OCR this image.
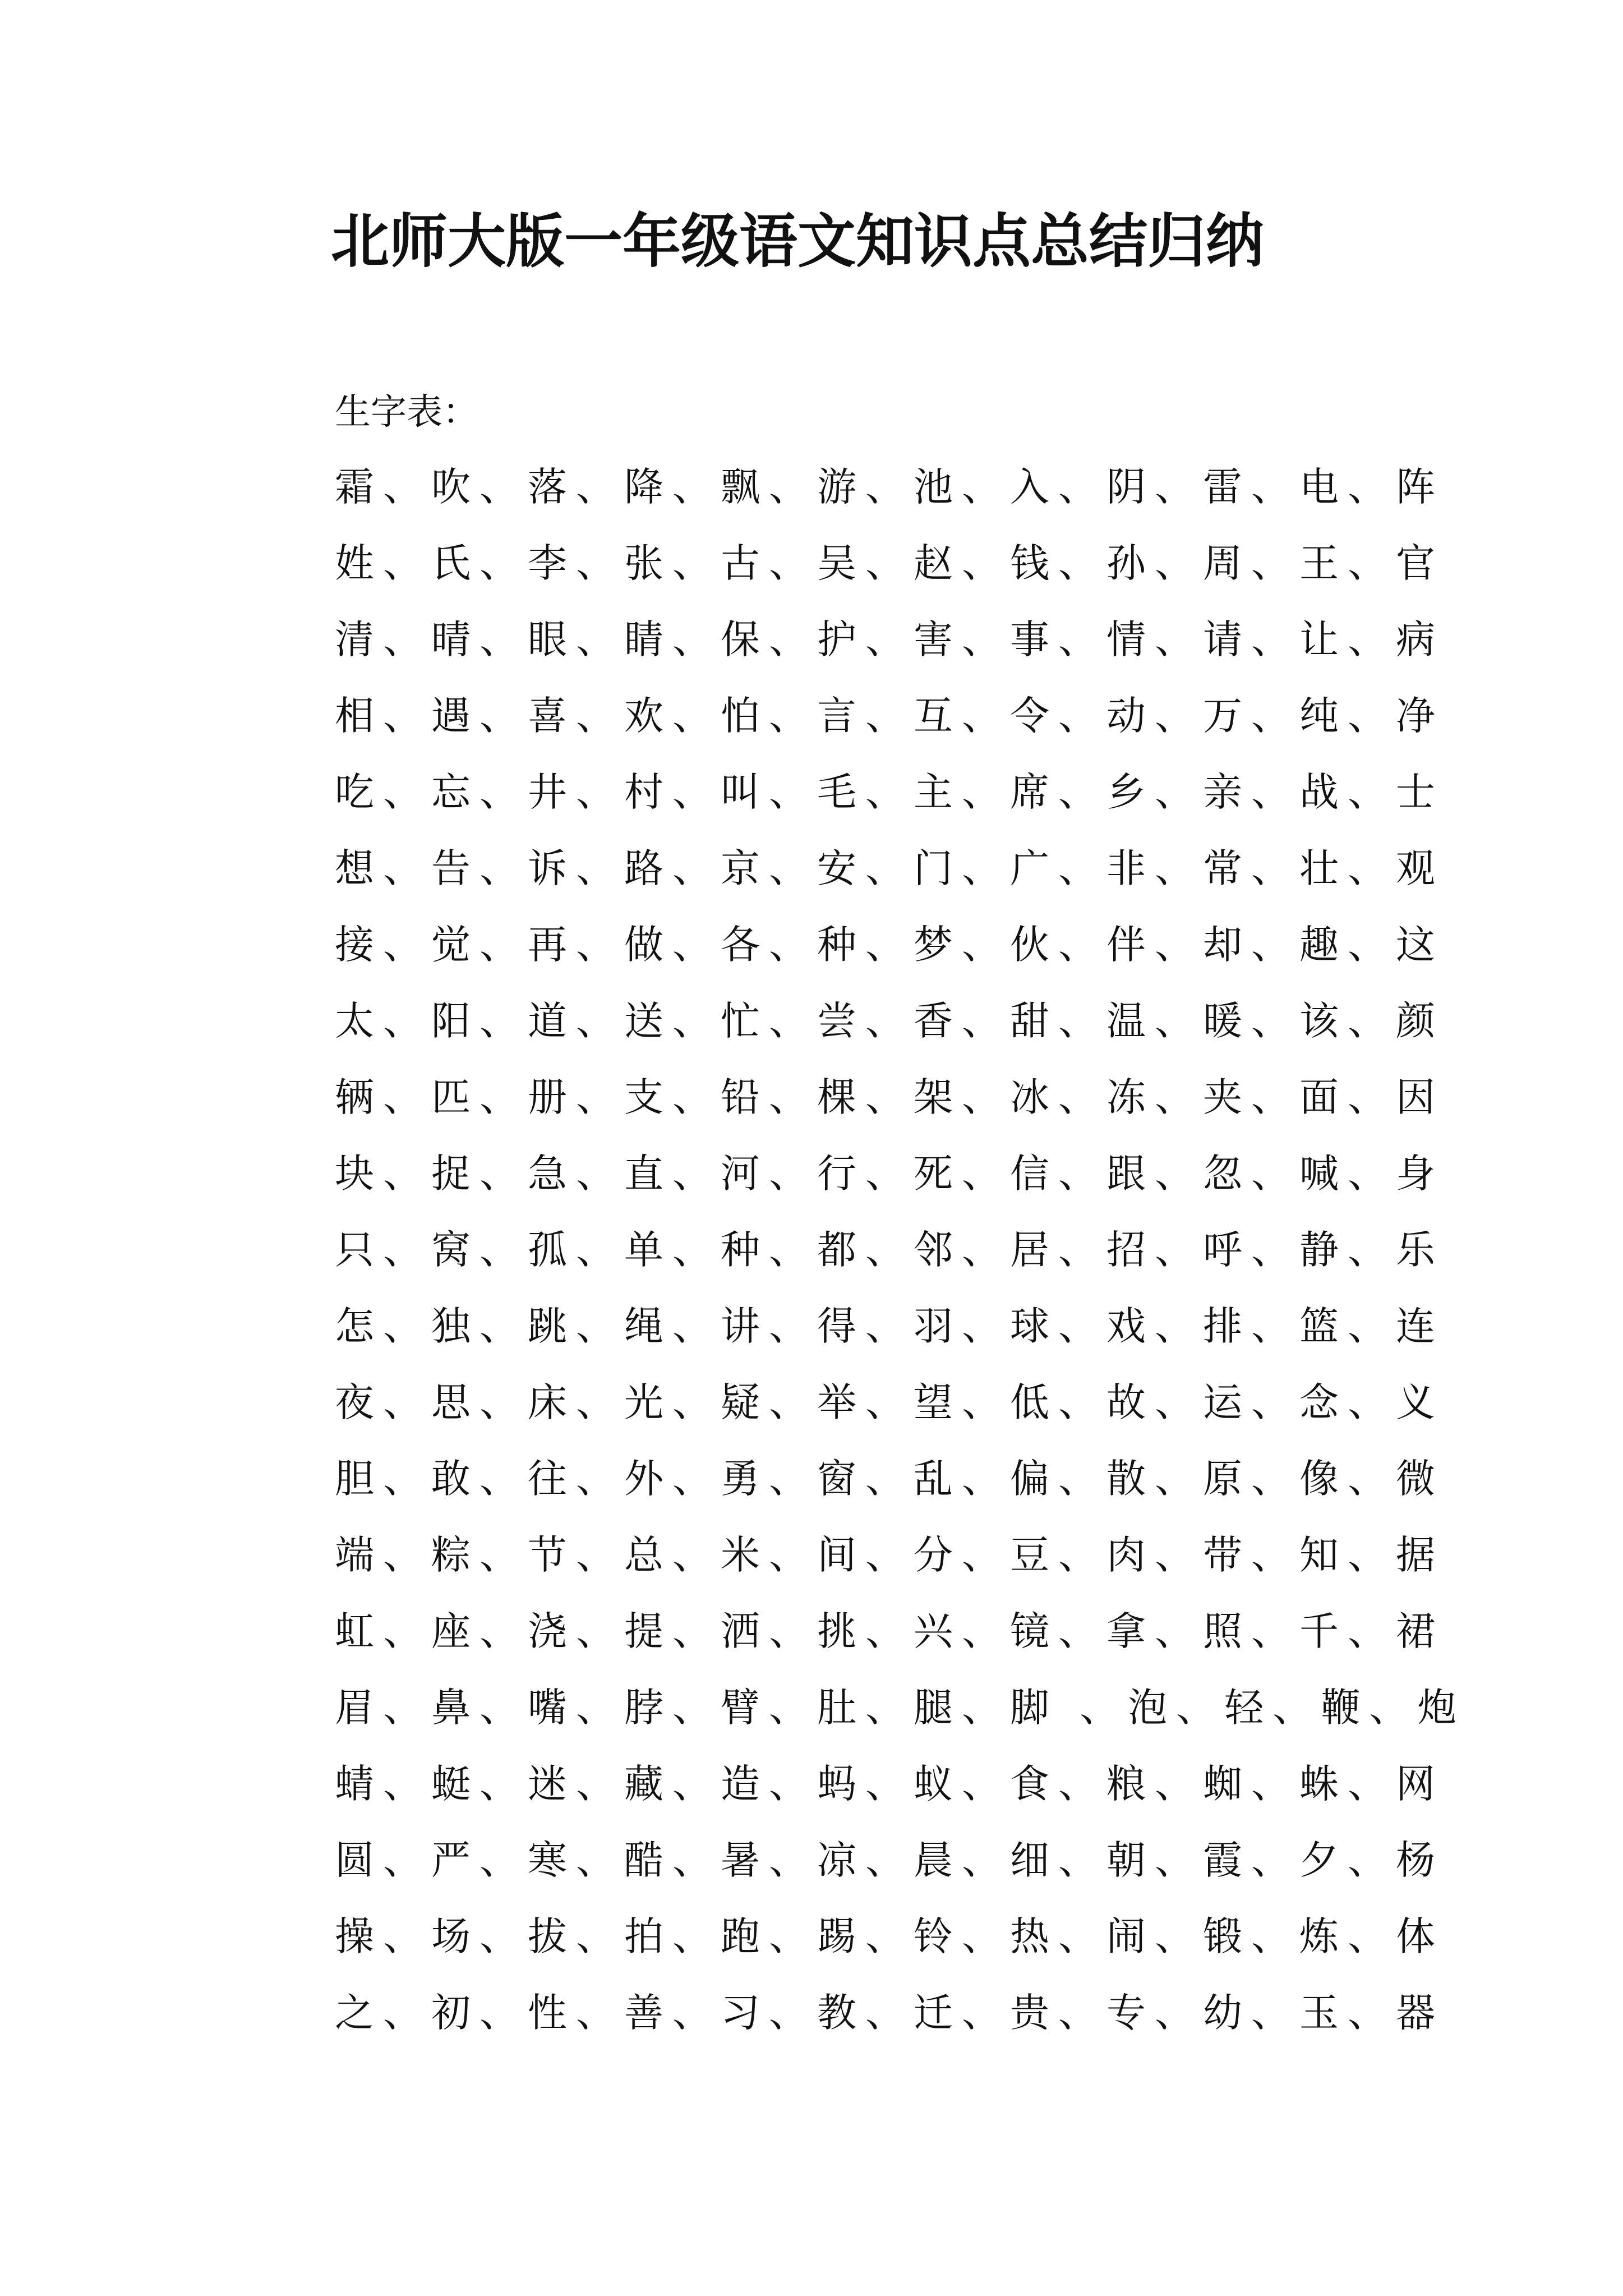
北师大版一年级语文知识点总结归纳
生字表：
霜、吹、落、降、飘、游、池、入、阴、雷、电、阵
姓、氏、李、张、古、吴、赵、钱、孙、周、王、官
清、晴、眼、睛、保、护、害、事、情、请、让、病
相、遇、喜、欢、怕、言、互、令、动、万、纯、净
吃、忘、井、村、叫、毛、主、席、乡、亲、战、士
想、告、诉、路、京、安、门、广、非、常、壮、观
接、觉、再、做、各、种、梦、伙、伴、却、趣、这
太、阳、道、送、忙、尝、香、甜、温、暖、该、颜
辆、匹、册、支、铅、棵、架、冰、冻、夹、面、因
块、捉、急、直、河、行、死、信、跟、忽、喊、身
只、窝、孤、单、种、都、邻、居、招、呼、静、乐
怎、独、跳、绳、讲、得、羽、球、戏、排、篮、连
夜、思、床、光、疑、举、望、低、故、运、念、义
胆、敢、往、外、勇、窗、乱、偏、散、原、像、微
端、粽、节、总、米、间、分、豆、肉、带、知、据
虹、座、浇、提、洒、挑、兴、镜、拿、照、千、裙
眉、鼻、嘴、脖、臂、肚、腿、脚 、泡、轻、鞭、炮
蜻、蜓、迷、藏、造、蚂、蚁、食、粮、蜘、蛛、网
圆、严、寒、酷、暑、凉、晨、细、朝、霞、夕、杨
操、场、拔、拍、跑、踢、铃、热、闹、锻、炼、体
之、初、性、善、习、教、迁、贵、专、幼、玉、器
